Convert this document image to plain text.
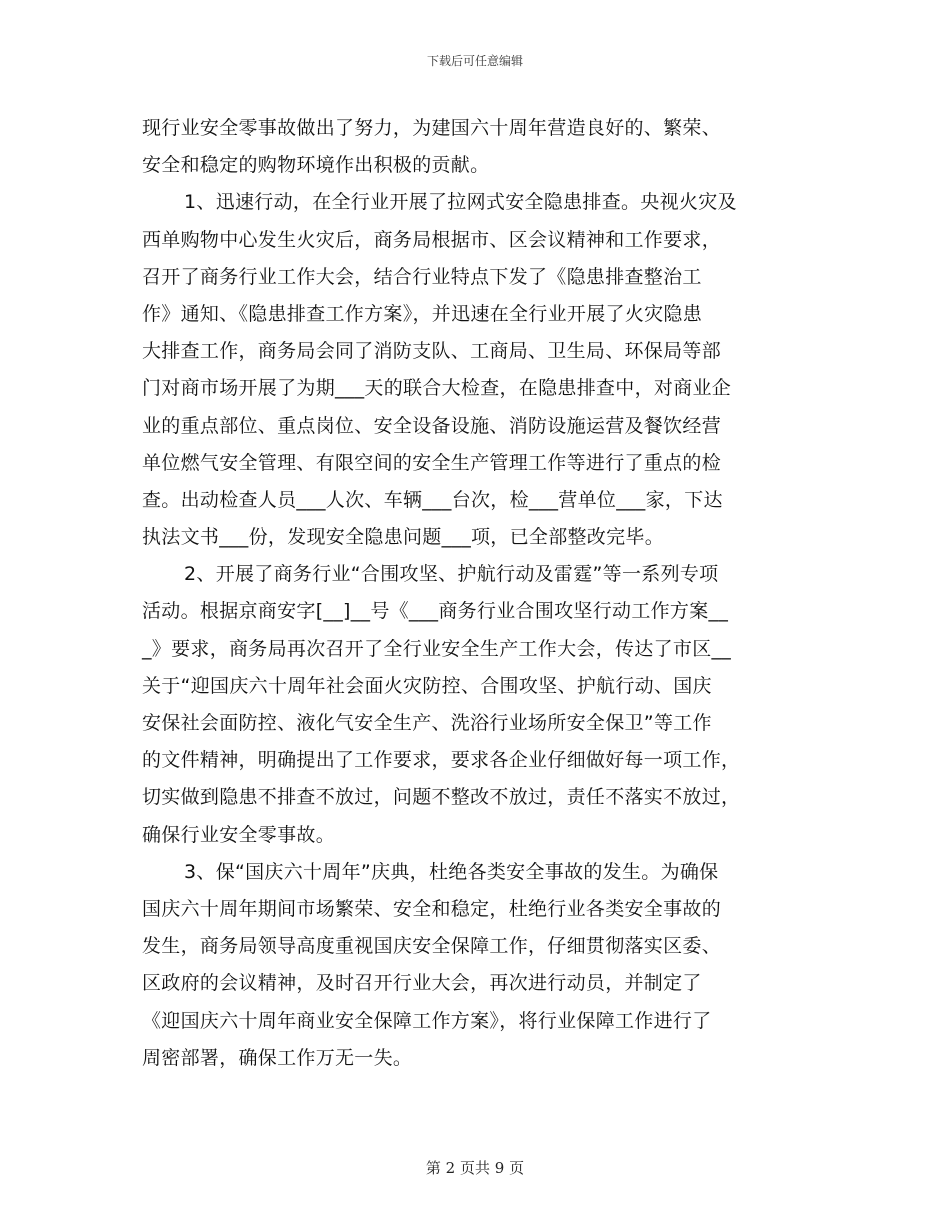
下载后可任意编辑
现行业安全零事故做出了努力，为建国六十周年营造良好的、繁荣、
安全和稳定的购物环境作出积极的贡献。
1、迅速行动，在全行业开展了拉网式安全隐患排查。央视火灾及
西单购物中心发生火灾后，商务局根据市、区会议精神和工作要求，
召开了商务行业工作大会，结合行业特点下发了《隐患排查整治工
作》通知、《隐患排查工作方案》，并迅速在全行业开展了火灾隐患
大排查工作，商务局会同了消防支队、工商局、卫生局、环保局等部
门对商市场开展了为期___天的联合大检查，在隐患排查中，对商业企
业的重点部位、重点岗位、安全设备设施、消防设施运营及餐饮经营
单位燃气安全管理、有限空间的安全生产管理工作等进行了重点的检
查。出动检查人员___人次、车辆___台次，检___营单位___家，下达
执法文书___份，发现安全隐患问题___项，已全部整改完毕。
2、开展了商务行业“合围攻坚、护航行动及雷霆”等一系列专项
活动。根据京商安字[__]__号《___商务行业合围攻坚行动工作方案__
_》要求，商务局再次召开了全行业安全生产工作大会，传达了市区__
关于“迎国庆六十周年社会面火灾防控、合围攻坚、护航行动、国庆
安保社会面防控、液化气安全生产、洗浴行业场所安全保卫”等工作
的文件精神，明确提出了工作要求，要求各企业仔细做好每一项工作，
切实做到隐患不排查不放过，问题不整改不放过，责任不落实不放过，
确保行业安全零事故。
3、保“国庆六十周年”庆典，杜绝各类安全事故的发生。为确保
国庆六十周年期间市场繁荣、安全和稳定，杜绝行业各类安全事故的
发生，商务局领导高度重视国庆安全保障工作，仔细贯彻落实区委、
区政府的会议精神，及时召开行业大会，再次进行动员，并制定了
《迎国庆六十周年商业安全保障工作方案》，将行业保障工作进行了
周密部署，确保工作万无一失。
第 2 页共 9 页
